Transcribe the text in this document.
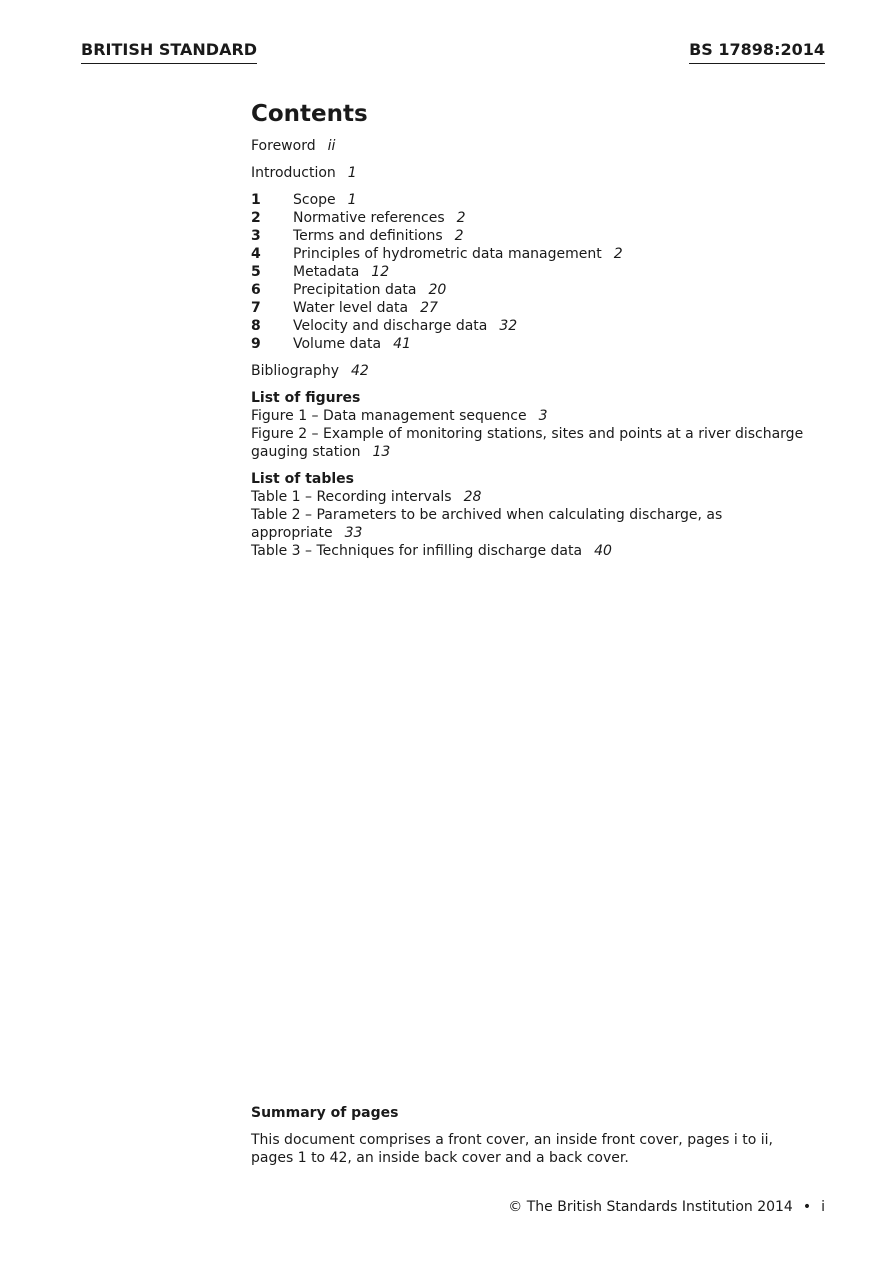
BRITISH STANDARD	BS 17898:2014
Contents
Foreword ii
Introduction 1
1	Scope 1
2	Normative references 2
3	Terms and definitions 2
4	Principles of hydrometric data management 2
5	Metadata 12
6	Precipitation data 20
7	Water level data 27
8	Velocity and discharge data 32
9	Volume data 41
Bibliography 42
List of figures
Figure 1 – Data management sequence 3
Figure 2 – Example of monitoring stations, sites and points at a river discharge
gauging station 13
List of tables
Table 1 – Recording intervals 28
Table 2 – Parameters to be archived when calculating discharge, as
appropriate 33
Table 3 – Techniques for infilling discharge data 40
Summary of pages
This document comprises a front cover, an inside front cover, pages i to ii,
pages 1 to 42, an inside back cover and a back cover.
© The British Standards Institution 2014 • i
